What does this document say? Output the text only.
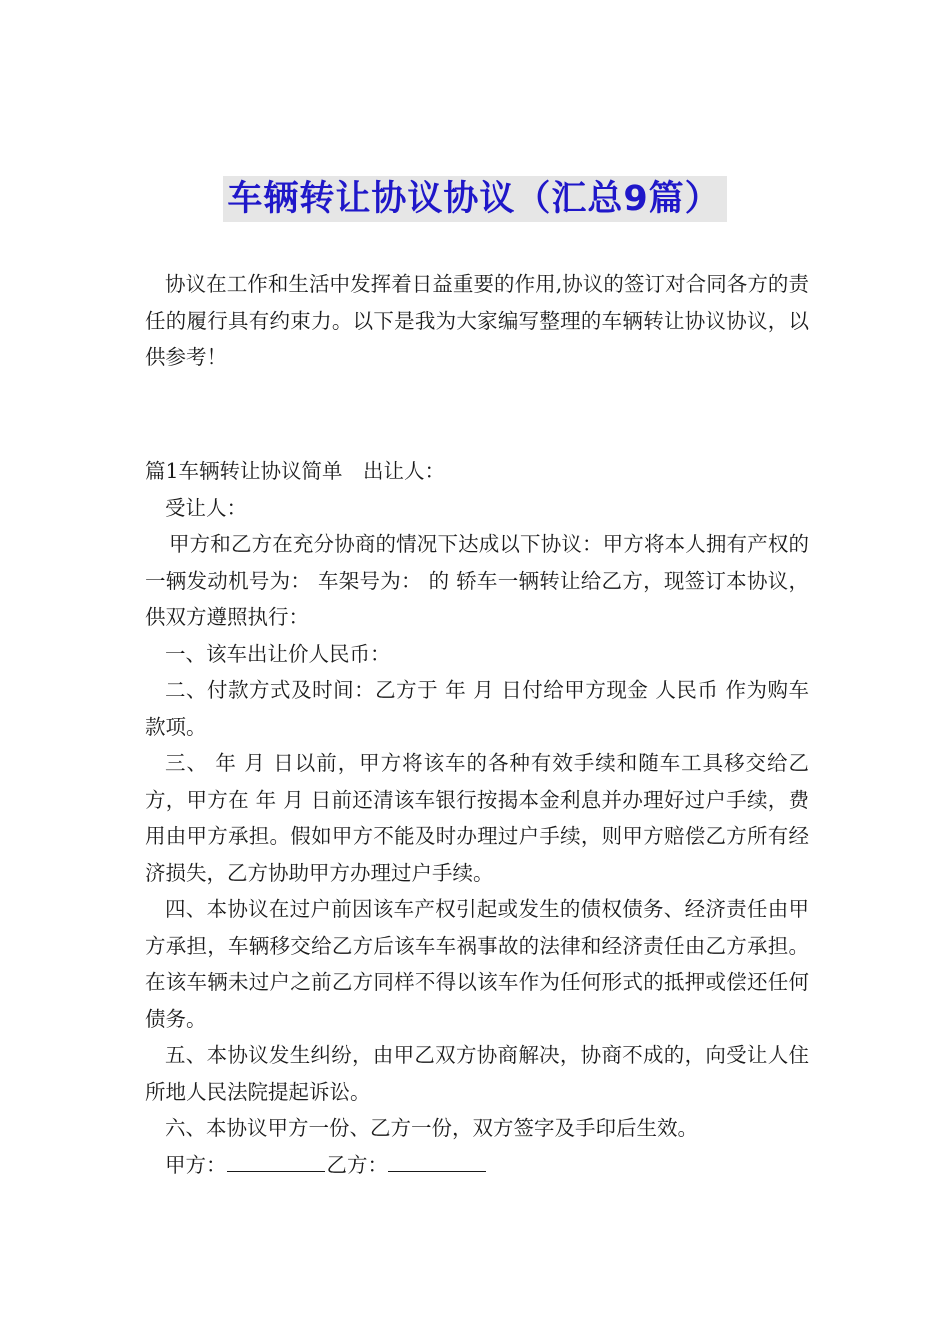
车辆转让协议协议（汇总9篇）

协议在工作和生活中发挥着日益重要的作用,协议的签订对合同各方的责任的履行具有约束力。以下是我为大家编写整理的车辆转让协议协议，以供参考！

篇1车辆转让协议简单　出让人：

受让人：

甲方和乙方在充分协商的情况下达成以下协议：甲方将本人拥有产权的一辆发动机号为： 车架号为： 的 轿车一辆转让给乙方，现签订本协议，供双方遵照执行：

一、该车出让价人民币：

二、付款方式及时间：乙方于 年 月 日付给甲方现金 人民币 作为购车款项。

三、 年 月 日以前，甲方将该车的各种有效手续和随车工具移交给乙方，甲方在 年 月 日前还清该车银行按揭本金利息并办理好过户手续，费用由甲方承担。假如甲方不能及时办理过户手续，则甲方赔偿乙方所有经济损失，乙方协助甲方办理过户手续。

四、本协议在过户前因该车产权引起或发生的债权债务、经济责任由甲方承担，车辆移交给乙方后该车车祸事故的法律和经济责任由乙方承担。在该车辆未过户之前乙方同样不得以该车作为任何形式的抵押或偿还任何债务。

五、本协议发生纠纷，由甲乙双方协商解决，协商不成的，向受让人住所地人民法院提起诉讼。

六、本协议甲方一份、乙方一份，双方签字及手印后生效。

甲方：	乙方：
